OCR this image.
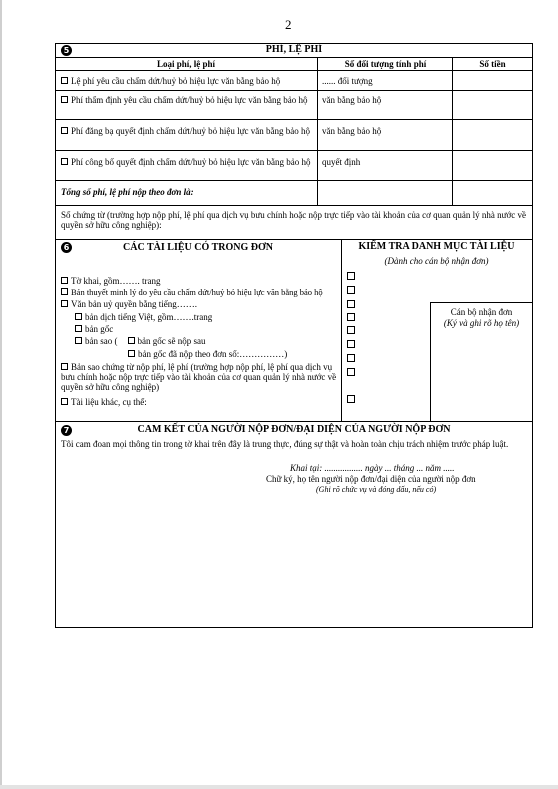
2
5	PHÍ, LỆ PHÍ
Loại phí, lệ phí	Số đối tượng tính phí	Số tiền
Lệ phí yêu cầu chấm dứt/huỷ bỏ hiệu lực văn bằng bảo hộ	...... đối tượng
Phí thẩm định yêu cầu chấm dứt/huỷ bỏ hiệu lực văn bằng bảo hộ	văn bằng bảo hộ
Phí đăng bạ quyết định chấm dứt/huỷ bỏ hiệu lực văn bằng bảo hộ	văn bằng bảo hộ
Phí công bố quyết định chấm dứt/huỷ bỏ hiệu lực văn bằng bảo hộ	quyết định
Tổng số phí, lệ phí nộp theo đơn là:
Số chứng từ (trường hợp nộp phí, lệ phí qua dịch vụ bưu chính hoặc nộp trực tiếp vào tài khoản của cơ quan quản lý nhà nước về quyền sở hữu công nghiệp):
6	CÁC TÀI LIỆU CÓ TRONG ĐƠN
Tờ khai, gồm……. trang
Bản thuyết minh lý do yêu cầu chấm dứt/huỷ bỏ hiệu lực văn bằng bảo hộ
Văn bản uỷ quyền bằng tiếng…….
bản dịch tiếng Việt, gồm…….trang
bản gốc
bản sao ( bản gốc sẽ nộp sau
bản gốc đã nộp theo đơn số:……………)
Bản sao chứng từ nộp phí, lệ phí (trường hợp nộp phí, lệ phí qua dịch vụ bưu chính hoặc nộp trực tiếp vào tài khoản của cơ quan quản lý nhà nước về quyền sở hữu công nghiệp)
Tài liệu khác, cụ thể:
KIỂM TRA DANH MỤC TÀI LIỆU
(Dành cho cán bộ nhận đơn)
Cán bộ nhận đơn
(Ký và ghi rõ họ tên)
7	CAM KẾT CỦA NGƯỜI NỘP ĐƠN/ĐẠI DIỆN CỦA NGƯỜI NỘP ĐƠN
Tôi cam đoan mọi thông tin trong tờ khai trên đây là trung thực, đúng sự thật và hoàn toàn chịu trách nhiệm trước pháp luật.
Khai tại: ................. ngày ... tháng ... năm .....
Chữ ký, họ tên người nộp đơn/đại diện của người nộp đơn
(Ghi rõ chức vụ và đóng dấu, nếu có)
